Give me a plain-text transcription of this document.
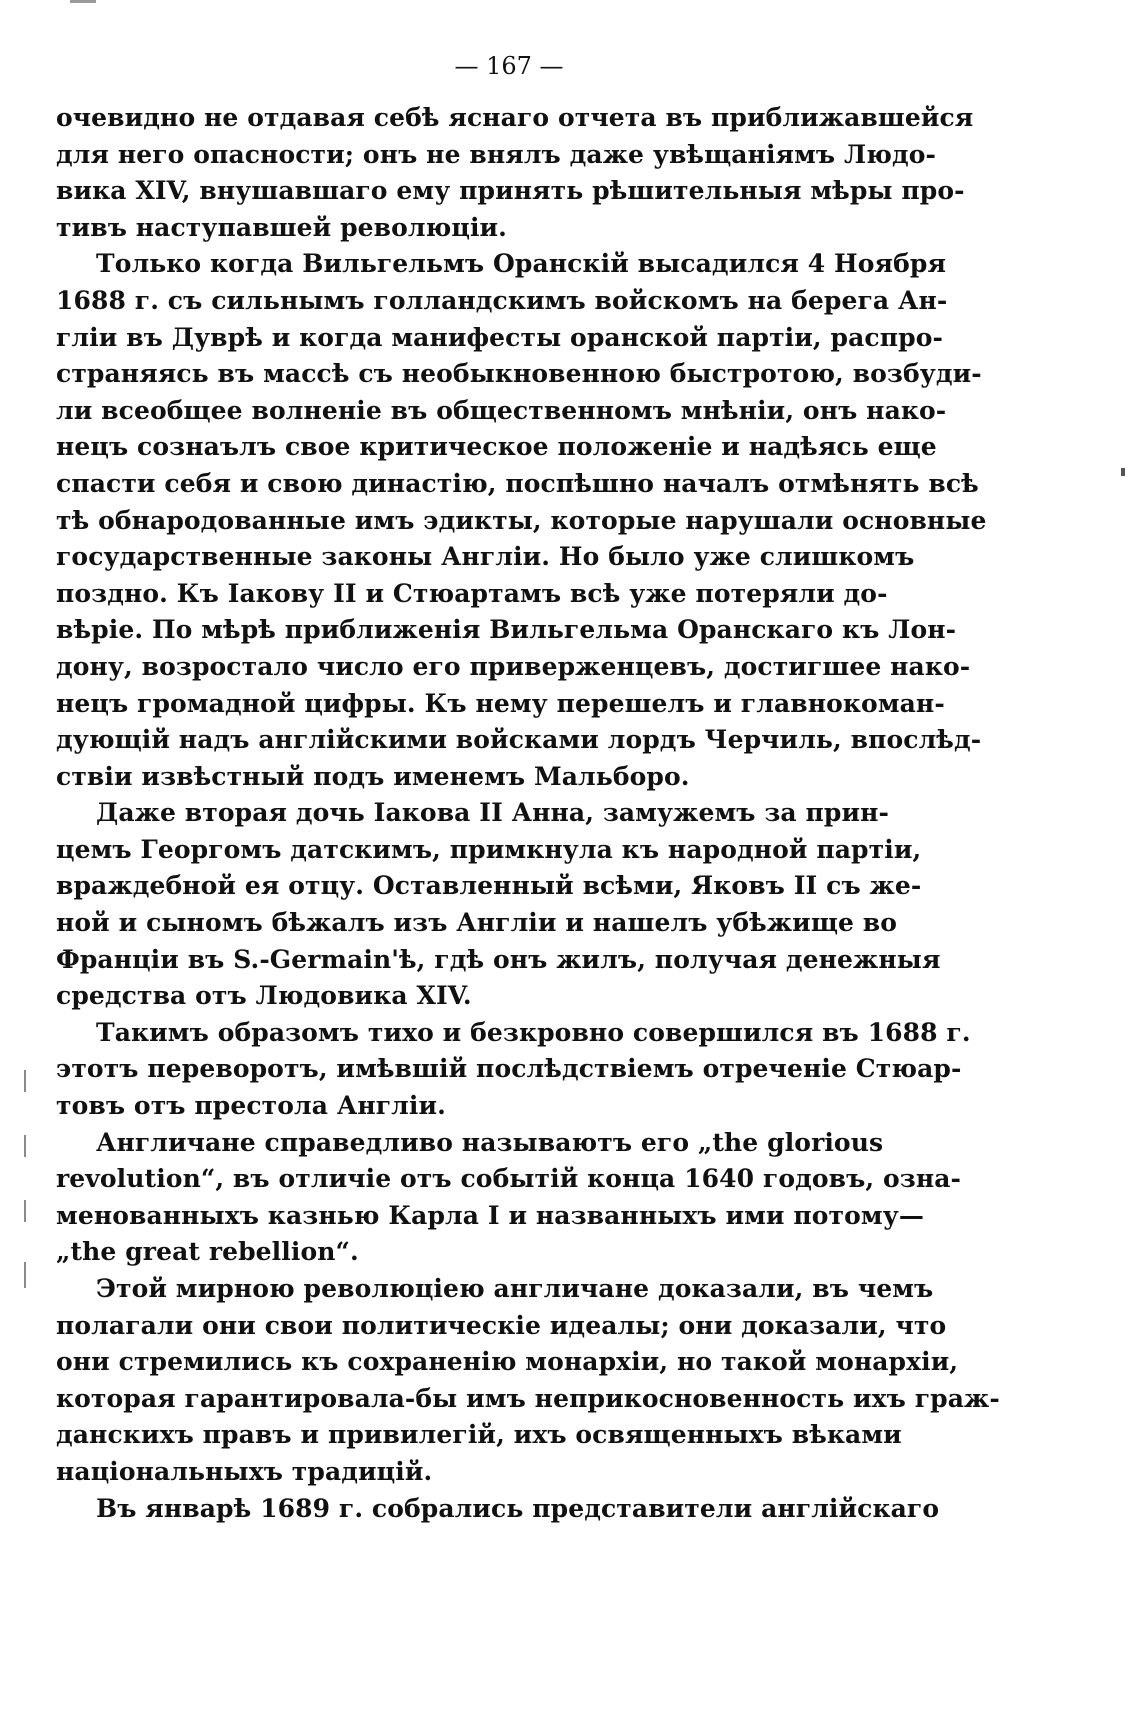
— 167 —
очевидно не отдавая себѣ яснаго отчета въ приближавшейся
для него опасности; онъ не внялъ даже увѣщаніямъ Людо-
вика XIV, внушавшаго ему принять рѣшительныя мѣры про-
тивъ наступавшей революціи.
Только когда Вильгельмъ Оранскій высадился 4 Ноября
1688 г. съ сильнымъ голландскимъ войскомъ на берега Ан-
гліи въ Дуврѣ и когда манифесты оранской партіи, распро-
страняясь въ массѣ съ необыкновенною быстротою, возбуди-
ли всеобщее волненіе въ общественномъ мнѣніи, онъ нако-
нецъ сознаълъ свое критическое положеніе и надѣясь еще
спасти себя и свою династію, поспѣшно началъ отмѣнять всѣ
тѣ обнародованные имъ эдикты, которые нарушали основные
государственные законы Англіи. Но было уже слишкомъ
поздно. Къ Іакову II и Стюартамъ всѣ уже потеряли до-
вѣріе. По мѣрѣ приближенія Вильгельма Оранскаго къ Лон-
дону, возростало число его приверженцевъ, достигшее нако-
нецъ громадной цифры. Къ нему перешелъ и главнокоман-
дующій надъ англійскими войсками лордъ Черчиль, впослѣд-
ствіи извѣстный подъ именемъ Мальборо.
Даже вторая дочь Іакова II Анна, замужемъ за прин-
цемъ Георгомъ датскимъ, примкнула къ народной партіи,
враждебной ея отцу. Оставленный всѣми, Яковъ II съ же-
ной и сыномъ бѣжалъ изъ Англіи и нашелъ убѣжище во
Франціи въ S.-Germain'ѣ, гдѣ онъ жилъ, получая денежныя
средства отъ Людовика XIV.
Такимъ образомъ тихо и безкровно совершился въ 1688 г.
этотъ переворотъ, имѣвшій послѣдствіемъ отреченіе Стюар-
товъ отъ престола Англіи.
Англичане справедливо называютъ его „the glorious
revolution“, въ отличіе отъ событій конца 1640 годовъ, озна-
менованныхъ казнью Карла I и названныхъ ими потому—
„the great rebellion“.
Этой мирною революціею англичане доказали, въ чемъ
полагали они свои политическіе идеалы; они доказали, что
они стремились къ сохраненію монархіи, но такой монархіи,
которая гарантировала-бы имъ неприкосновенность ихъ граж-
данскихъ правъ и привилегій, ихъ освященныхъ вѣками
національныхъ традицій.
Въ январѣ 1689 г. собрались представители англійскаго
